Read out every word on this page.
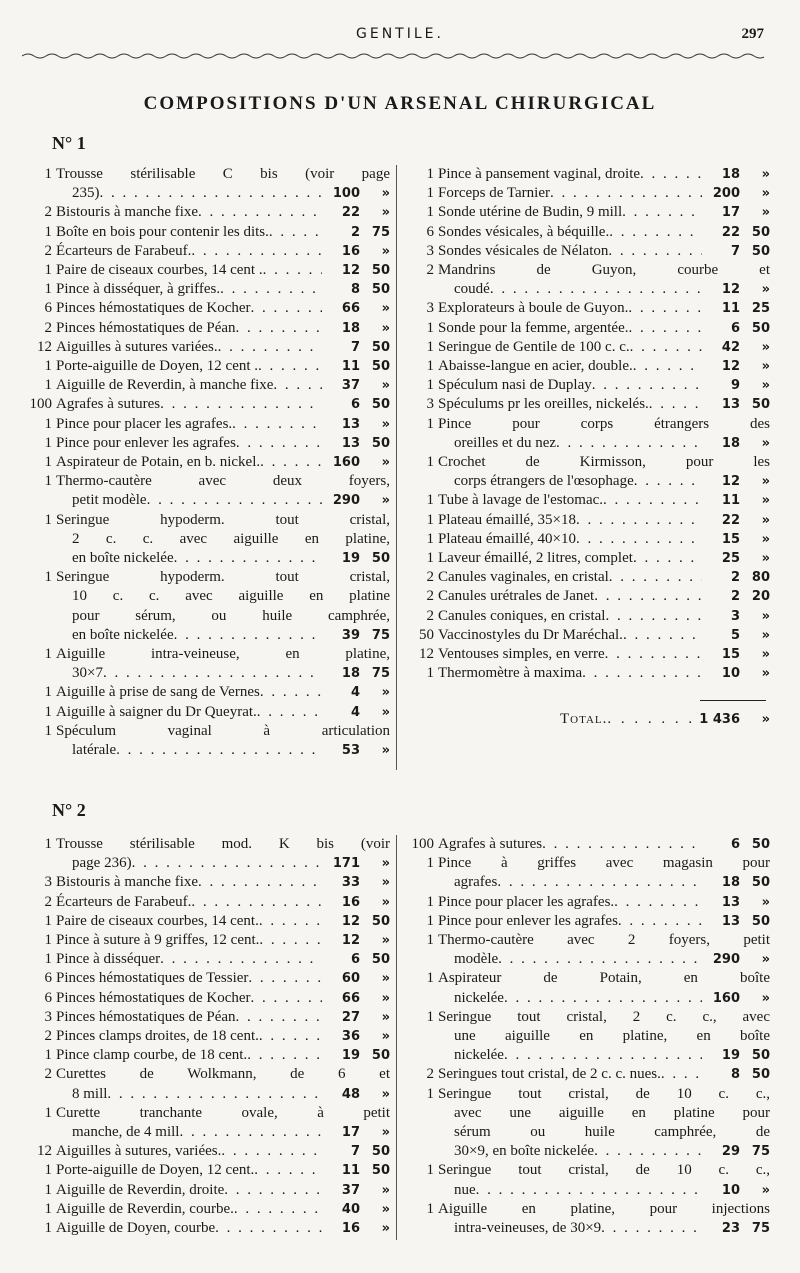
GENTILE.	297
COMPOSITIONS D'UN ARSENAL CHIRURGICAL
N° 1
1 Trousse stérilisable C bis (voir page
235) . . .	100	»
2 Bistouris à manche fixe . . .	22	»
1 Boîte en bois pour contenir les dits. . . .	2 75
2 Écarteurs de Farabeuf. . . .	16	»
1 Paire de ciseaux courbes, 14 cent . . . .	12 50
1 Pince à disséquer, à griffes. . . .	8 50
6 Pinces hémostatiques de Kocher . . .	66	»
2 Pinces hémostatiques de Péan . . .	18	»
12 Aiguilles à sutures variées. . . .	7 50
1 Porte-aiguille de Doyen, 12 cent . . . .	11 50
1 Aiguille de Reverdin, à manche fixe . . .	37	»
100 Agrafes à sutures . . .	6 50
1 Pince pour placer les agrafes. . . .	13	»
1 Pince pour enlever les agrafes . . .	13 50
1 Aspirateur de Potain, en b. nickel. . . .	160	»
1 Thermo-cautère avec deux foyers,
petit modèle . . .	290	»
1 Seringue hypoderm. tout cristal,
2 c. c. avec aiguille en platine,
en boîte nickelée . . .	19 50
1 Seringue hypoderm. tout cristal,
10 c. c. avec aiguille en platine
pour sérum, ou huile camphrée,
en boîte nickelée . . .	39 75
1 Aiguille intra-veineuse, en platine,
30×7 . . .	18 75
1 Aiguille à prise de sang de Vernes . . .	4	»
1 Aiguille à saigner du Dr Queyrat. . . .	4	»
1 Spéculum vaginal à articulation
latérale . . .	53	»
1 Pince à pansement vaginal, droite . . .	18	»
1 Forceps de Tarnier . . .	200	»
1 Sonde utérine de Budin, 9 mill . . .	17	»
6 Sondes vésicales, à béquille. . . .	22 50
3 Sondes vésicales de Nélaton . . .	7 50
2 Mandrins de Guyon, courbe et
coudé . . .	12	»
3 Explorateurs à boule de Guyon. . . .	11 25
1 Sonde pour la femme, argentée. . . .	6 50
1 Seringue de Gentile de 100 c. c. . . .	42	»
1 Abaisse-langue en acier, double. . . .	12	»
1 Spéculum nasi de Duplay . . .	9	»
3 Spéculums pr les oreilles, nickelés. . . .	13 50
1 Pince pour corps étrangers des
oreilles et du nez . . .	18	»
1 Crochet de Kirmisson, pour les
corps étrangers de l'œsophage . . .	12	»
1 Tube à lavage de l'estomac. . . .	11	»
1 Plateau émaillé, 35×18 . . .	22	»
1 Plateau émaillé, 40×10 . . .	15	»
1 Laveur émaillé, 2 litres, complet . . .	25	»
2 Canules vaginales, en cristal . . .	2 80
2 Canules urétrales de Janet . . .	2 20
2 Canules coniques, en cristal . . .	3	»
50 Vaccinostyles du Dr Maréchal. . . .	5	»
12 Ventouses simples, en verre . . .	15	»
1 Thermomètre à maxima . . .	10	»
Total. . . .	1 436	»
N° 2
1 Trousse stérilisable mod. K bis (voir
page 236) . . .	171	»
3 Bistouris à manche fixe . . .	33	»
2 Écarteurs de Farabeuf. . . .	16	»
1 Paire de ciseaux courbes, 14 cent. . . .	12 50
1 Pince à suture à 9 griffes, 12 cent. . . .	12	»
1 Pince à disséquer . . .	6 50
6 Pinces hémostatiques de Tessier . . .	60	»
6 Pinces hémostatiques de Kocher . . .	66	»
3 Pinces hémostatiques de Péan . . .	27	»
2 Pinces clamps droites, de 18 cent. . . .	36	»
1 Pince clamp courbe, de 18 cent. . . .	19 50
2 Curettes de Wolkmann, de 6 et
8 mill . . .	48	»
1 Curette tranchante ovale, à petit
manche, de 4 mill . . .	17	»
12 Aiguilles à sutures, variées. . . .	7 50
1 Porte-aiguille de Doyen, 12 cent. . . .	11 50
1 Aiguille de Reverdin, droite . . .	37	»
1 Aiguille de Reverdin, courbe. . . .	40	»
1 Aiguille de Doyen, courbe . . .	16	»
100 Agrafes à sutures . . .	6 50
1 Pince à griffes avec magasin pour
agrafes . . .	18 50
1 Pince pour placer les agrafes. . . .	13	»
1 Pince pour enlever les agrafes . . .	13 50
1 Thermo-cautère avec 2 foyers, petit
modèle . . .	290	»
1 Aspirateur de Potain, en boîte
nickelée . . .	160	»
1 Seringue tout cristal, 2 c. c., avec
une aiguille en platine, en boîte
nickelée . . .	19 50
2 Seringues tout cristal, de 2 c. c. nues. . . .	8 50
1 Seringue tout cristal, de 10 c. c.,
avec une aiguille en platine pour
sérum ou huile camphrée, de
30×9, en boîte nickelée . . .	29 75
1 Seringue tout cristal, de 10 c. c.,
nue . . .	10	»
1 Aiguille en platine, pour injections
intra-veineuses, de 30×9 . . .	23 75
